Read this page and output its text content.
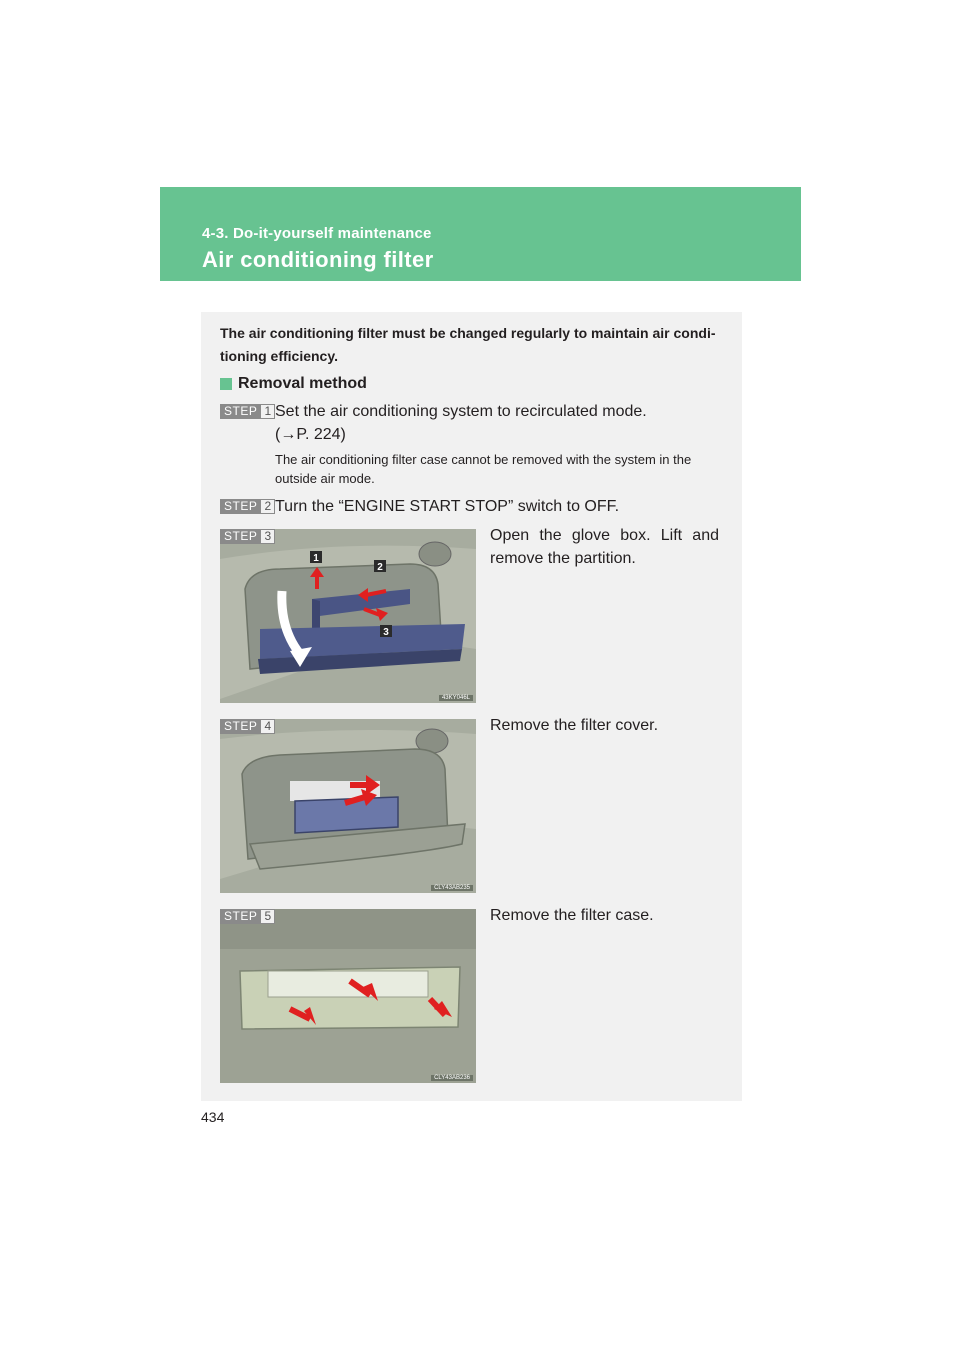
4-3. Do-it-yourself maintenance
Air conditioning filter
The air conditioning filter must be changed regularly to maintain air condi-tioning efficiency.
Removal method
STEP 1 Set the air conditioning system to recirculated mode.
(→P. 224)
The air conditioning filter case cannot be removed with the system in the outside air mode.
STEP 2 Turn the “ENGINE START STOP” switch to OFF.
1
2
3
STEP 3
43KY046L
Open the glove box. Lift and remove the partition.
STEP 4
CLY43AB235
Remove the filter cover.
STEP 5
CLY43AB236
Remove the filter case.
434
